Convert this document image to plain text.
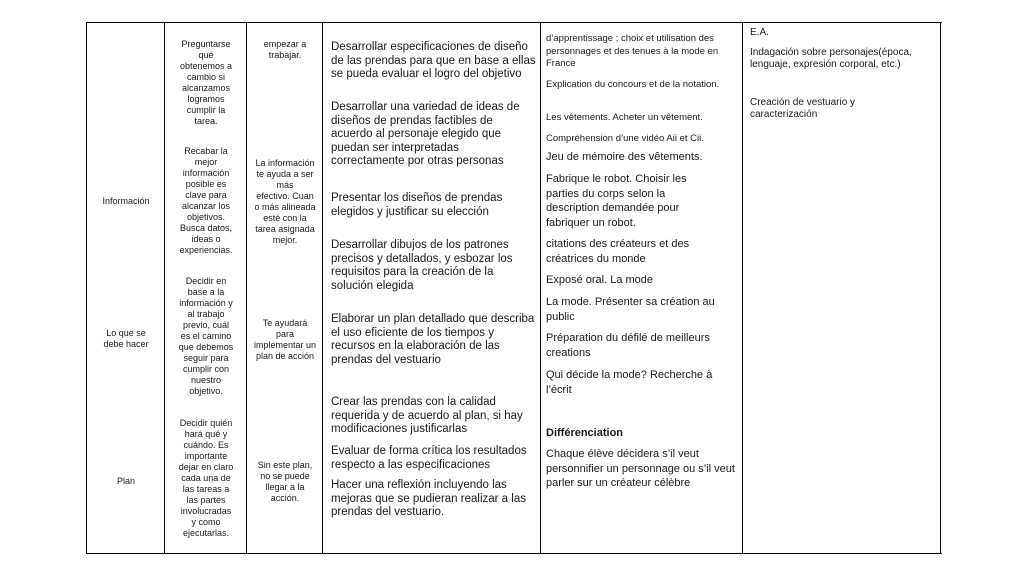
Información
Lo que se
debe hacer
Plan
Preguntarse
qué
obtenemos a
cambio si
alcanzamos
logramos
cumplir la
tarea.
Recabar la
mejor
información
posible es
clave para
alcanzar los
objetivos.
Busca datos,
ideas o
experiencias.
Decidir en
base a la
información y
al trabajo
previo, cuál
es el camino
que debemos
seguir para
cumplir con
nuestro
objetivo.
Decidir quién
hará qué y
cuándo. Es
importante
dejar en claro
cada una de
las tareas a
las partes
involucradas
y como
ejecutarlas.
empezar a
trabajar.
La información
te ayuda a ser
más
efectivo. Cuan
o más alineada
esté con la
tarea asignada
mejor.
Te ayudará
para
implementar un
plan de acción
Sin este plan,
no se puede
llegar a la
acción.
Desarrollar especificaciones de diseño de las prendas para que en base a ellas se pueda evaluar el logro del objetivo
Desarrollar una variedad de ideas de diseños de prendas factibles de acuerdo al personaje elegido que puedan ser interpretadas correctamente por otras personas
Presentar los diseños de prendas elegidos y justificar su elección
Desarrollar dibujos de los patrones precisos y detallados, y esbozar los requisitos para la creación de la solución elegida
Elaborar un plan detallado que describa el uso eficiente de los tiempos y recursos en la elaboración de las prendas del vestuario
Crear las prendas con la calidad requerida y de acuerdo al plan, si hay modificaciones justificarlas
Evaluar de forma crítica los resultados respecto a las especificaciones
Hacer una reflexión incluyendo las mejoras que se pudieran realizar a las prendas del vestuario.
d’apprentissage ; choix et utilisation des personnages et des tenues à la mode en France
Explication du concours et de la notation.
Les vêtements. Acheter un vêtement.
Compréhension d’une vidéo Aii et Cii.
Jeu de mémoire des vêtements.
Fabrique le robot. Choisir les parties du corps selon la description demandée pour fabriquer un robot.
citations des créateurs et des créatrices du monde
Exposé oral. La mode
La mode. Présenter sa création au public
Préparation du défilé de meilleurs creations
Qui décide la mode? Recherche à l’écrit
Différenciation
Chaque élève décidera s’il veut personnifier un personnage ou s’il veut parler sur un créateur célèbre
E.A.
Indagación sobre personajes(época, lenguaje, expresión corporal, etc.)
Creación de vestuario y caracterización
